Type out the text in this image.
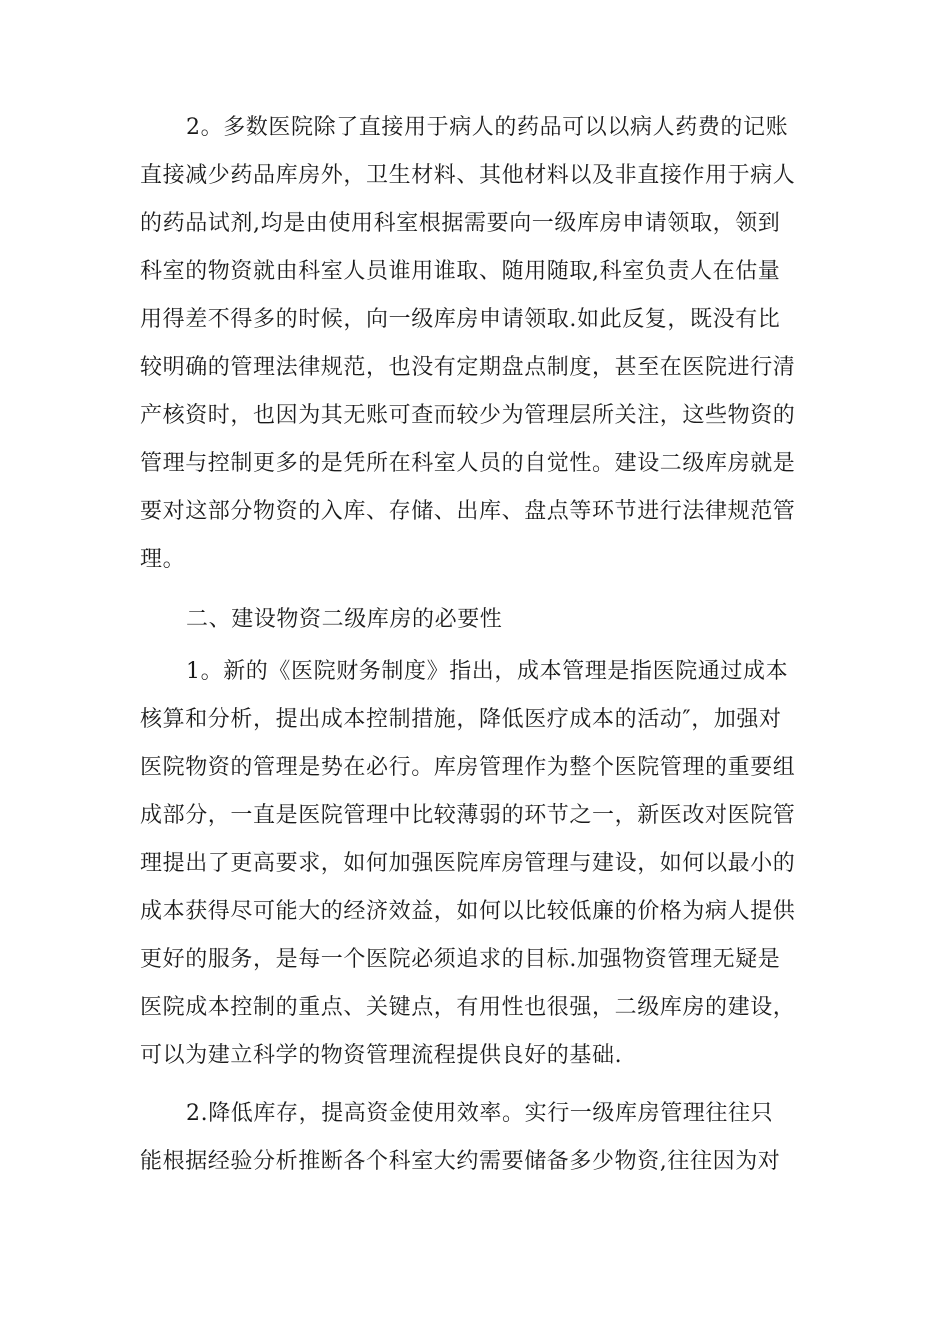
2。多数医院除了直接用于病人的药品可以以病人药费的记账
直接减少药品库房外，卫生材料、其他材料以及非直接作用于病人
的药品试剂,均是由使用科室根据需要向一级库房申请领取，领到
科室的物资就由科室人员谁用谁取、随用随取,科室负责人在估量
用得差不得多的时候，向一级库房申请领取.如此反复，既没有比
较明确的管理法律规范，也没有定期盘点制度，甚至在医院进行清
产核资时，也因为其无账可查而较少为管理层所关注，这些物资的
管理与控制更多的是凭所在科室人员的自觉性。建设二级库房就是
要对这部分物资的入库、存储、出库、盘点等环节进行法律规范管
理。
二、建设物资二级库房的必要性
1。新的《医院财务制度》指出，成本管理是指医院通过成本
核算和分析，提出成本控制措施，降低医疗成本的活动″，加强对
医院物资的管理是势在必行。库房管理作为整个医院管理的重要组
成部分，一直是医院管理中比较薄弱的环节之一，新医改对医院管
理提出了更高要求，如何加强医院库房管理与建设，如何以最小的
成本获得尽可能大的经济效益，如何以比较低廉的价格为病人提供
更好的服务，是每一个医院必须追求的目标.加强物资管理无疑是
医院成本控制的重点、关键点，有用性也很强，二级库房的建设，
可以为建立科学的物资管理流程提供良好的基础.
2.降低库存，提高资金使用效率。实行一级库房管理往往只
能根据经验分析推断各个科室大约需要储备多少物资,往往因为对
